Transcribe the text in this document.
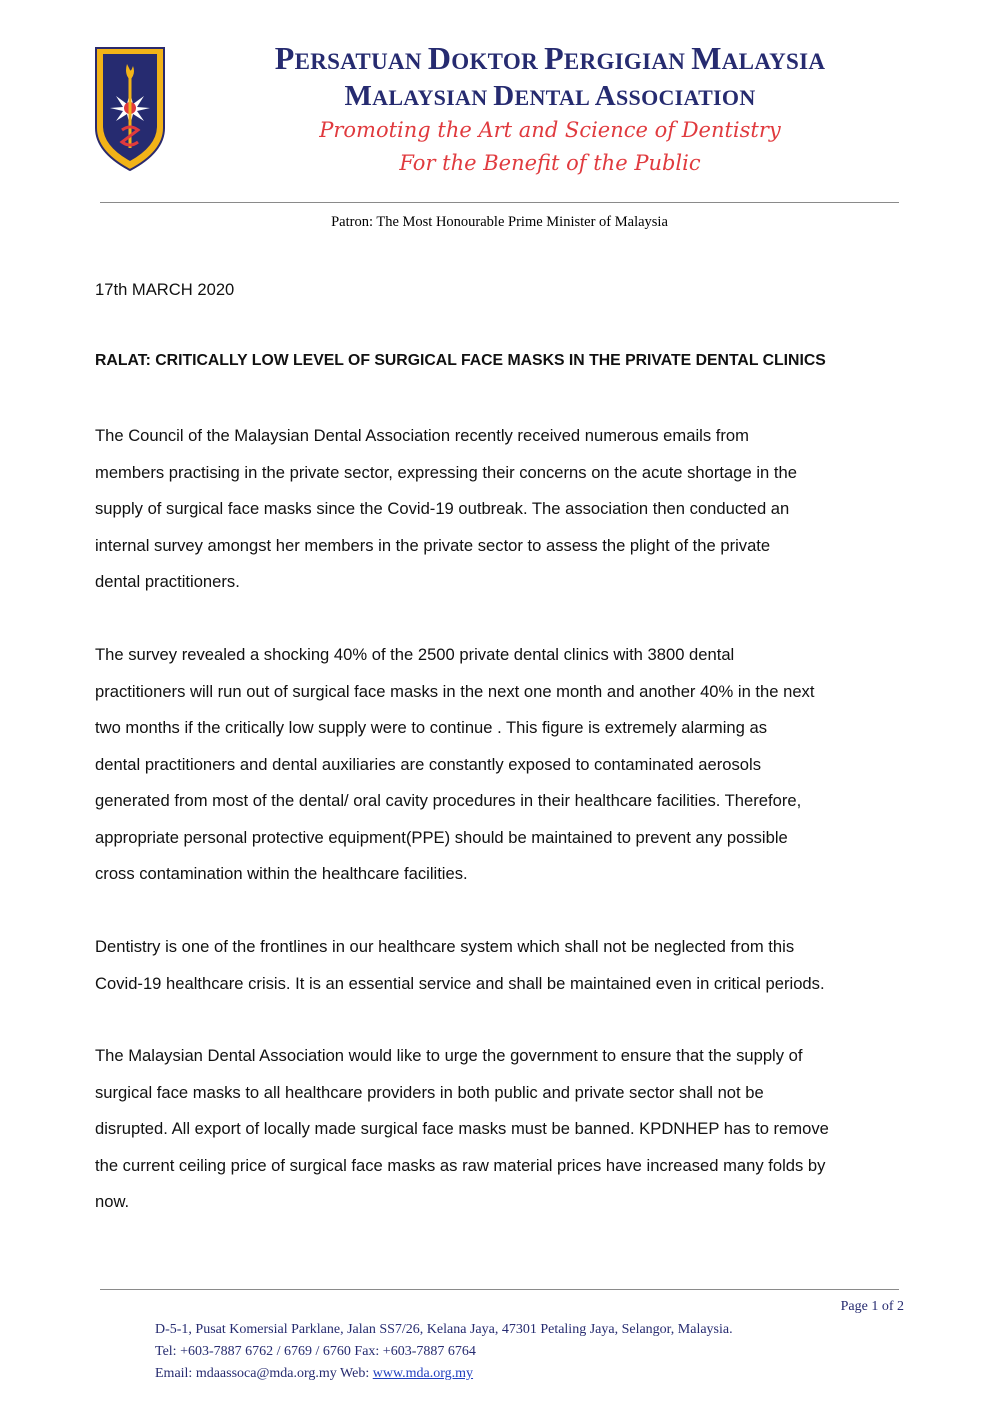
PERSATUAN DOKTOR PERGIGIAN MALAYSIA
MALAYSIAN DENTAL ASSOCIATION
Promoting the Art and Science of Dentistry
For the Benefit of the Public
Patron: The Most Honourable Prime Minister of Malaysia
17th MARCH 2020
RALAT: CRITICALLY LOW LEVEL OF SURGICAL FACE MASKS IN THE PRIVATE DENTAL CLINICS

The Council of the Malaysian Dental Association recently received numerous emails from

members practising in the private sector, expressing their concerns on the acute shortage in the

supply of surgical face masks since the Covid-19 outbreak. The association then conducted an

internal survey amongst her members in the private sector to assess the plight of the private

dental practitioners.

The survey revealed a shocking 40% of the 2500 private dental clinics with 3800 dental

practitioners will run out of surgical face masks in the next one month and another 40% in the next

two months if the critically low supply were to continue . This figure is extremely alarming as

dental practitioners and dental auxiliaries are constantly exposed to contaminated aerosols

generated from most of the dental/ oral cavity procedures in their healthcare facilities. Therefore,

appropriate personal protective equipment(PPE) should be maintained to prevent any possible

cross contamination within the healthcare facilities.

Dentistry is one of the frontlines in our healthcare system which shall not be neglected from this

Covid-19 healthcare crisis. It is an essential service and shall be maintained even in critical periods.

The Malaysian Dental Association would like to urge the government to ensure that the supply of

surgical face masks to all healthcare providers in both public and private sector shall not be

disrupted. All export of locally made surgical face masks must be banned. KPDNHEP has to remove

the current ceiling price of surgical face masks as raw material prices have increased many folds by

now.

Page 1 of 2
D-5-1, Pusat Komersial Parklane, Jalan SS7/26, Kelana Jaya, 47301 Petaling Jaya, Selangor, Malaysia.
Tel: +603-7887 6762 / 6769 / 6760 Fax: +603-7887 6764
Email: mdaassoca@mda.org.my Web: www.mda.org.my
